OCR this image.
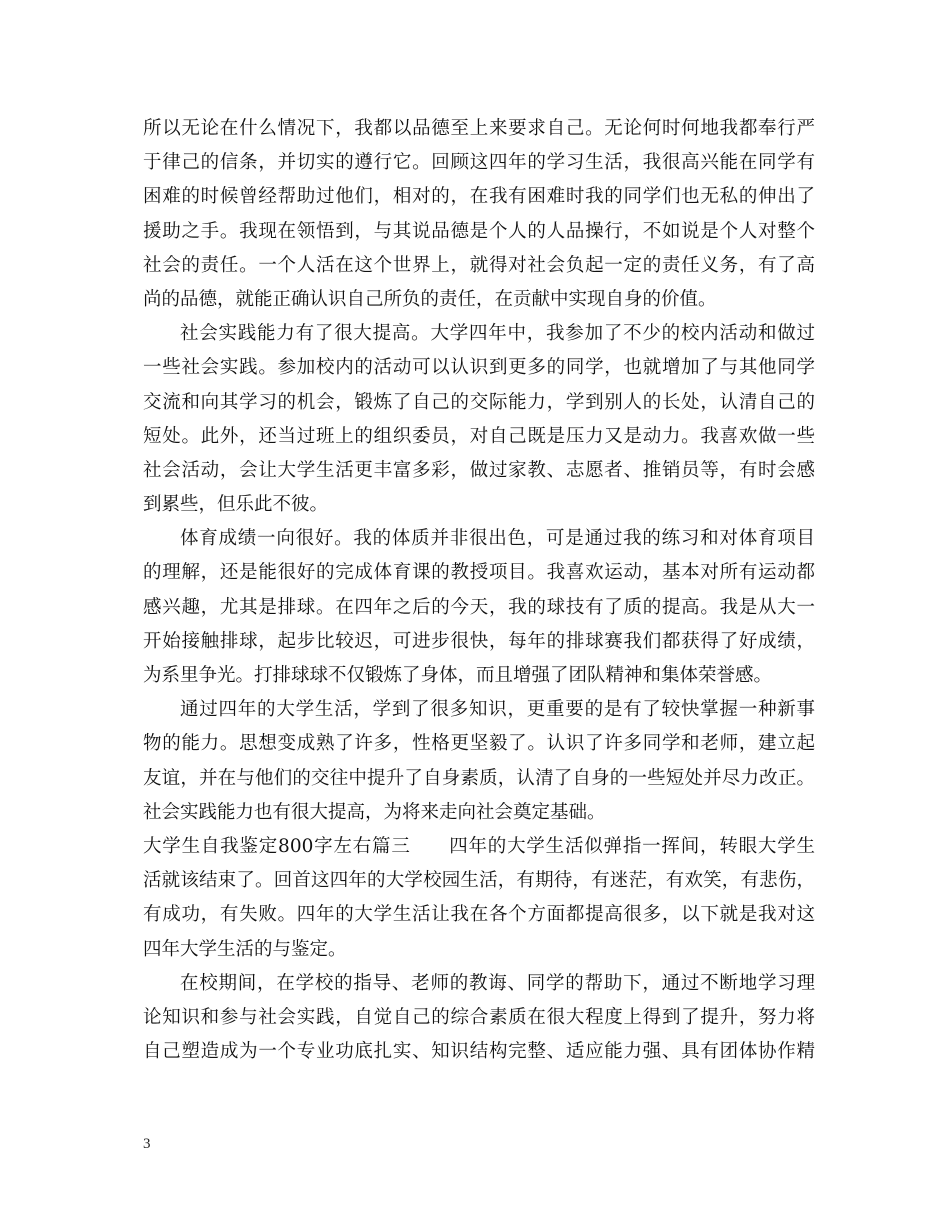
所以无论在什么情况下，我都以品德至上来要求自己。无论何时何地我都奉行严
于律己的信条，并切实的遵行它。回顾这四年的学习生活，我很高兴能在同学有
困难的时候曾经帮助过他们，相对的，在我有困难时我的同学们也无私的伸出了
援助之手。我现在领悟到，与其说品德是个人的人品操行，不如说是个人对整个
社会的责任。一个人活在这个世界上，就得对社会负起一定的责任义务，有了高
尚的品德，就能正确认识自己所负的责任，在贡献中实现自身的价值。
社会实践能力有了很大提高。大学四年中，我参加了不少的校内活动和做过
一些社会实践。参加校内的活动可以认识到更多的同学，也就增加了与其他同学
交流和向其学习的机会，锻炼了自己的交际能力，学到别人的长处，认清自己的
短处。此外，还当过班上的组织委员，对自己既是压力又是动力。我喜欢做一些
社会活动，会让大学生活更丰富多彩，做过家教、志愿者、推销员等，有时会感
到累些，但乐此不彼。
体育成绩一向很好。我的体质并非很出色，可是通过我的练习和对体育项目
的理解，还是能很好的完成体育课的教授项目。我喜欢运动，基本对所有运动都
感兴趣，尤其是排球。在四年之后的今天，我的球技有了质的提高。我是从大一
开始接触排球，起步比较迟，可进步很快，每年的排球赛我们都获得了好成绩，
为系里争光。打排球球不仅锻炼了身体，而且增强了团队精神和集体荣誉感。
通过四年的大学生活，学到了很多知识，更重要的是有了较快掌握一种新事
物的能力。思想变成熟了许多，性格更坚毅了。认识了许多同学和老师，建立起
友谊，并在与他们的交往中提升了自身素质，认清了自身的一些短处并尽力改正。
社会实践能力也有很大提高，为将来走向社会奠定基础。
大学生自我鉴定800字左右篇三　　四年的大学生活似弹指一挥间，转眼大学生
活就该结束了。回首这四年的大学校园生活，有期待，有迷茫，有欢笑，有悲伤，
有成功，有失败。四年的大学生活让我在各个方面都提高很多，以下就是我对这
四年大学生活的与鉴定。
在校期间，在学校的指导、老师的教诲、同学的帮助下，通过不断地学习理
论知识和参与社会实践，自觉自己的综合素质在很大程度上得到了提升，努力将
自己塑造成为一个专业功底扎实、知识结构完整、适应能力强、具有团体协作精
3
